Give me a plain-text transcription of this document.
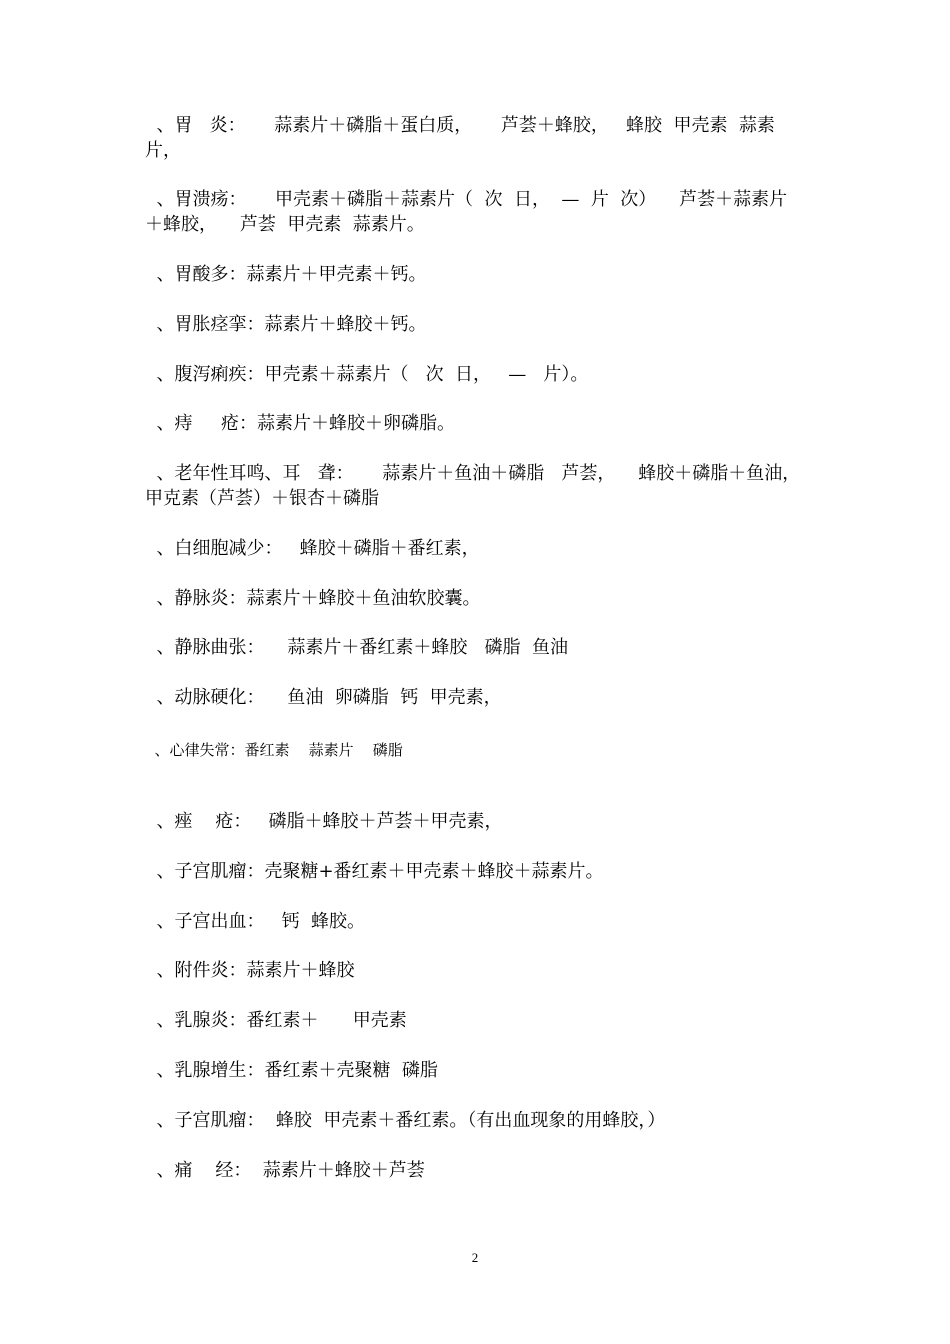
、胃   炎：     蒜素片＋磷脂＋蛋白质，     芦荟＋蜂胶，   蜂胶  甲壳素  蒜素片，
、胃溃疡：     甲壳素＋磷脂＋蒜素片（  次  日，  —  片  次）    芦荟＋蒜素片＋蜂胶，    芦荟  甲壳素  蒜素片。
、胃酸多：蒜素片＋甲壳素＋钙。
、胃胀痉挛：蒜素片＋蜂胶＋钙。
、腹泻痢疾：甲壳素＋蒜素片（   次  日，   —   片）。
、痔     疮：蒜素片＋蜂胶＋卵磷脂。
、老年性耳鸣、耳   聋：     蒜素片＋鱼油＋磷脂   芦荟，    蜂胶＋磷脂＋鱼油，     甲克素（芦荟）＋银杏＋磷脂
、白细胞减少：   蜂胶＋磷脂＋番红素，
、静脉炎：蒜素片＋蜂胶＋鱼油软胶囊。
、静脉曲张：    蒜素片＋番红素＋蜂胶   磷脂  鱼油
、动脉硬化：    鱼油  卵磷脂  钙  甲壳素，
、心律失常：番红素    蒜素片    磷脂
、痤    疮：   磷脂＋蜂胶＋芦荟＋甲壳素，
、子宫肌瘤：壳聚糖+番红素＋甲壳素＋蜂胶＋蒜素片。
、子宫出血：   钙  蜂胶。
、附件炎：蒜素片＋蜂胶
、乳腺炎：番红素＋      甲壳素
、乳腺增生：番红素＋壳聚糖  磷脂
、子宫肌瘤：  蜂胶  甲壳素＋番红素。（有出血现象的用蜂胶，）
、痛    经：  蒜素片＋蜂胶＋芦荟
2
